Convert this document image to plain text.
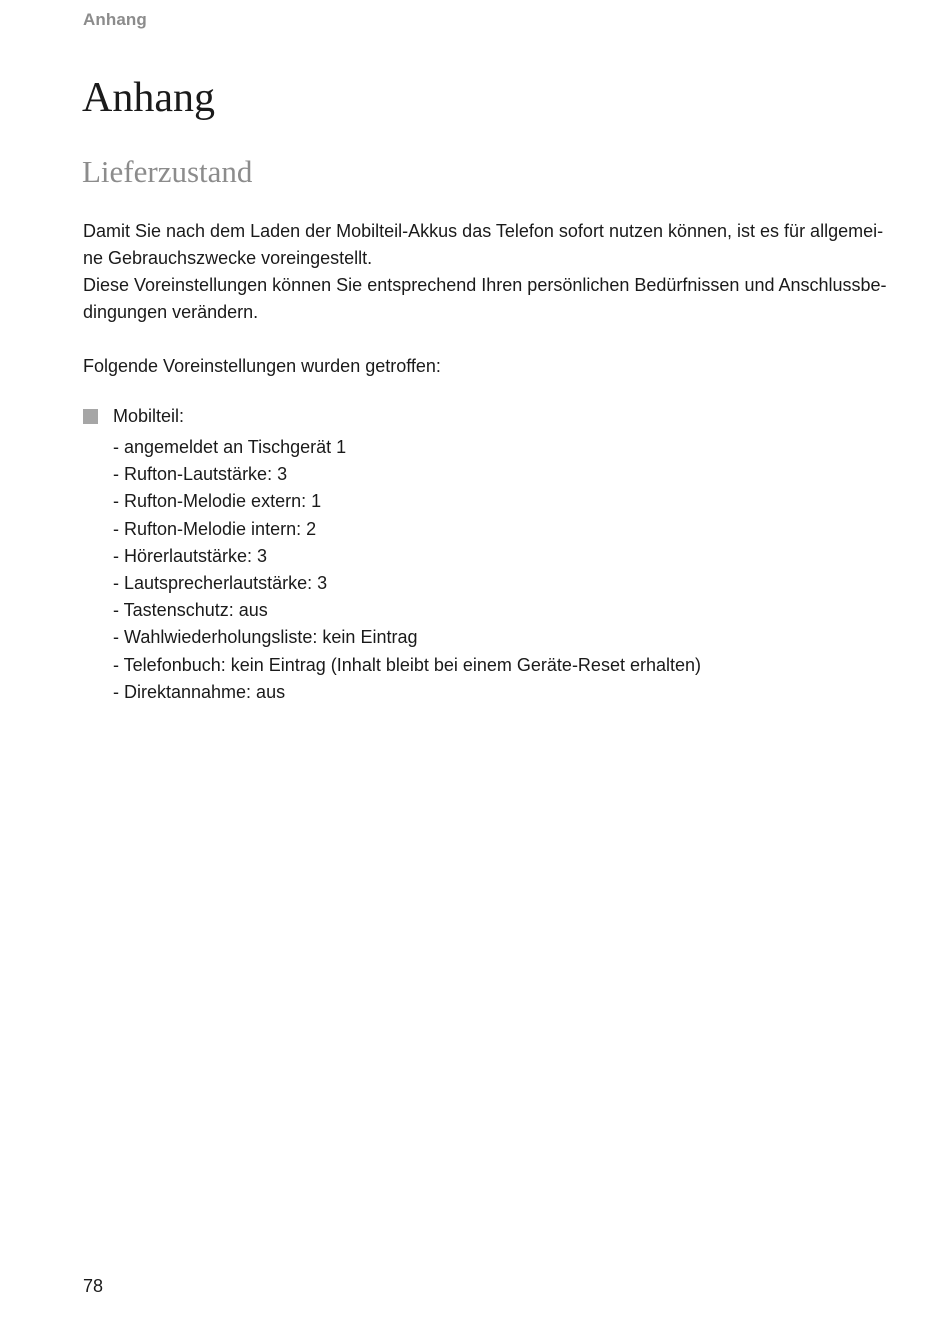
Anhang
Anhang
Lieferzustand

Damit Sie nach dem Laden der Mobilteil-Akkus das Telefon sofort nutzen können, ist es für allgemei-
ne Gebrauchszwecke voreingestellt.
Diese Voreinstellungen können Sie entsprechend Ihren persönlichen Bedürfnissen und Anschlussbe-
dingungen verändern.

Folgende Voreinstellungen wurden getroffen:

Mobilteil:
- angemeldet an Tischgerät 1
- Rufton-Lautstärke: 3
- Rufton-Melodie extern: 1
- Rufton-Melodie intern: 2
- Hörerlautstärke: 3
- Lautsprecherlautstärke: 3
- Tastenschutz: aus
- Wahlwiederholungsliste: kein Eintrag
- Telefonbuch: kein Eintrag (Inhalt bleibt bei einem Geräte-Reset erhalten)
- Direktannahme: aus
78
